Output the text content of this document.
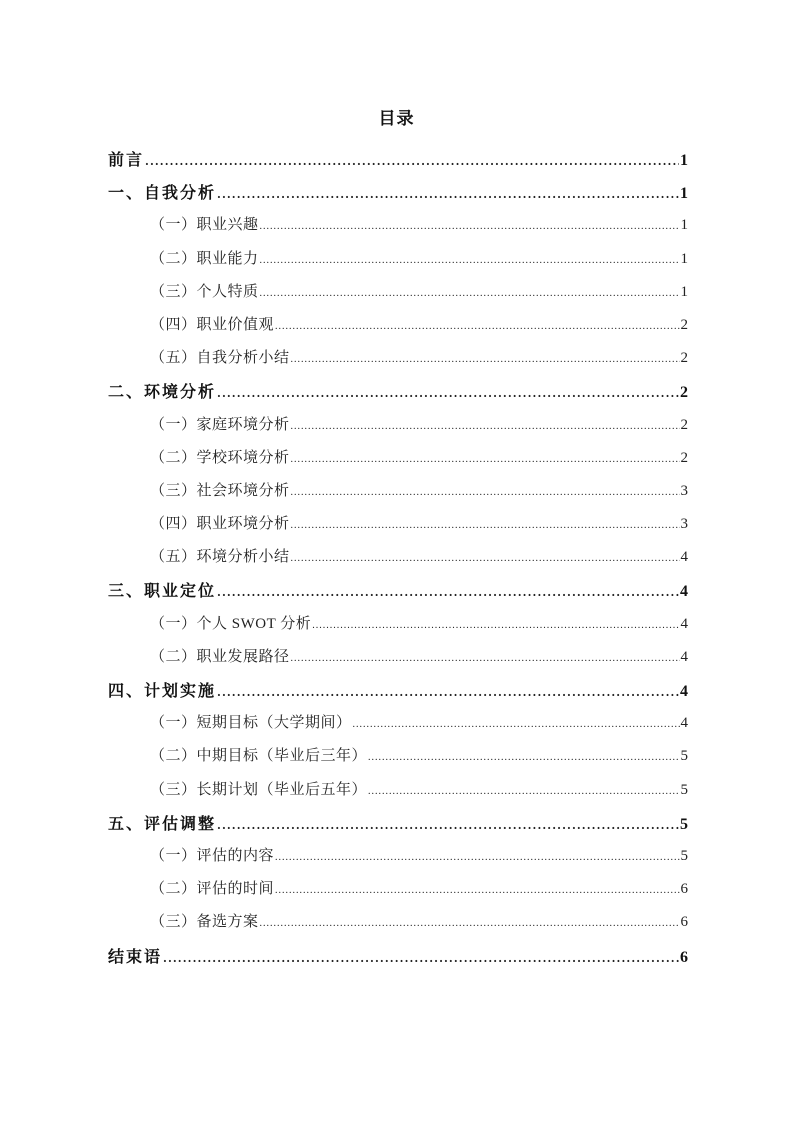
目录
前言 .....	1
一、自我分析 .....	1
（一）职业兴趣 .....	1
（二）职业能力 .....	1
（三）个人特质 .....	1
（四）职业价值观 .....	2
（五）自我分析小结 .....	2
二、环境分析 .....	2
（一）家庭环境分析 .....	2
（二）学校环境分析 .....	2
（三）社会环境分析 .....	3
（四）职业环境分析 .....	3
（五）环境分析小结 .....	4
三、职业定位 .....	4
（一）个人 SWOT 分析 .....	4
（二）职业发展路径 .....	4
四、计划实施 .....	4
（一）短期目标（大学期间） .....	4
（二）中期目标（毕业后三年） .....	5
（三）长期计划（毕业后五年） .....	5
五、评估调整 .....	5
（一）评估的内容 .....	5
（二）评估的时间 .....	6
（三）备选方案 .....	6
结束语 .....	6
